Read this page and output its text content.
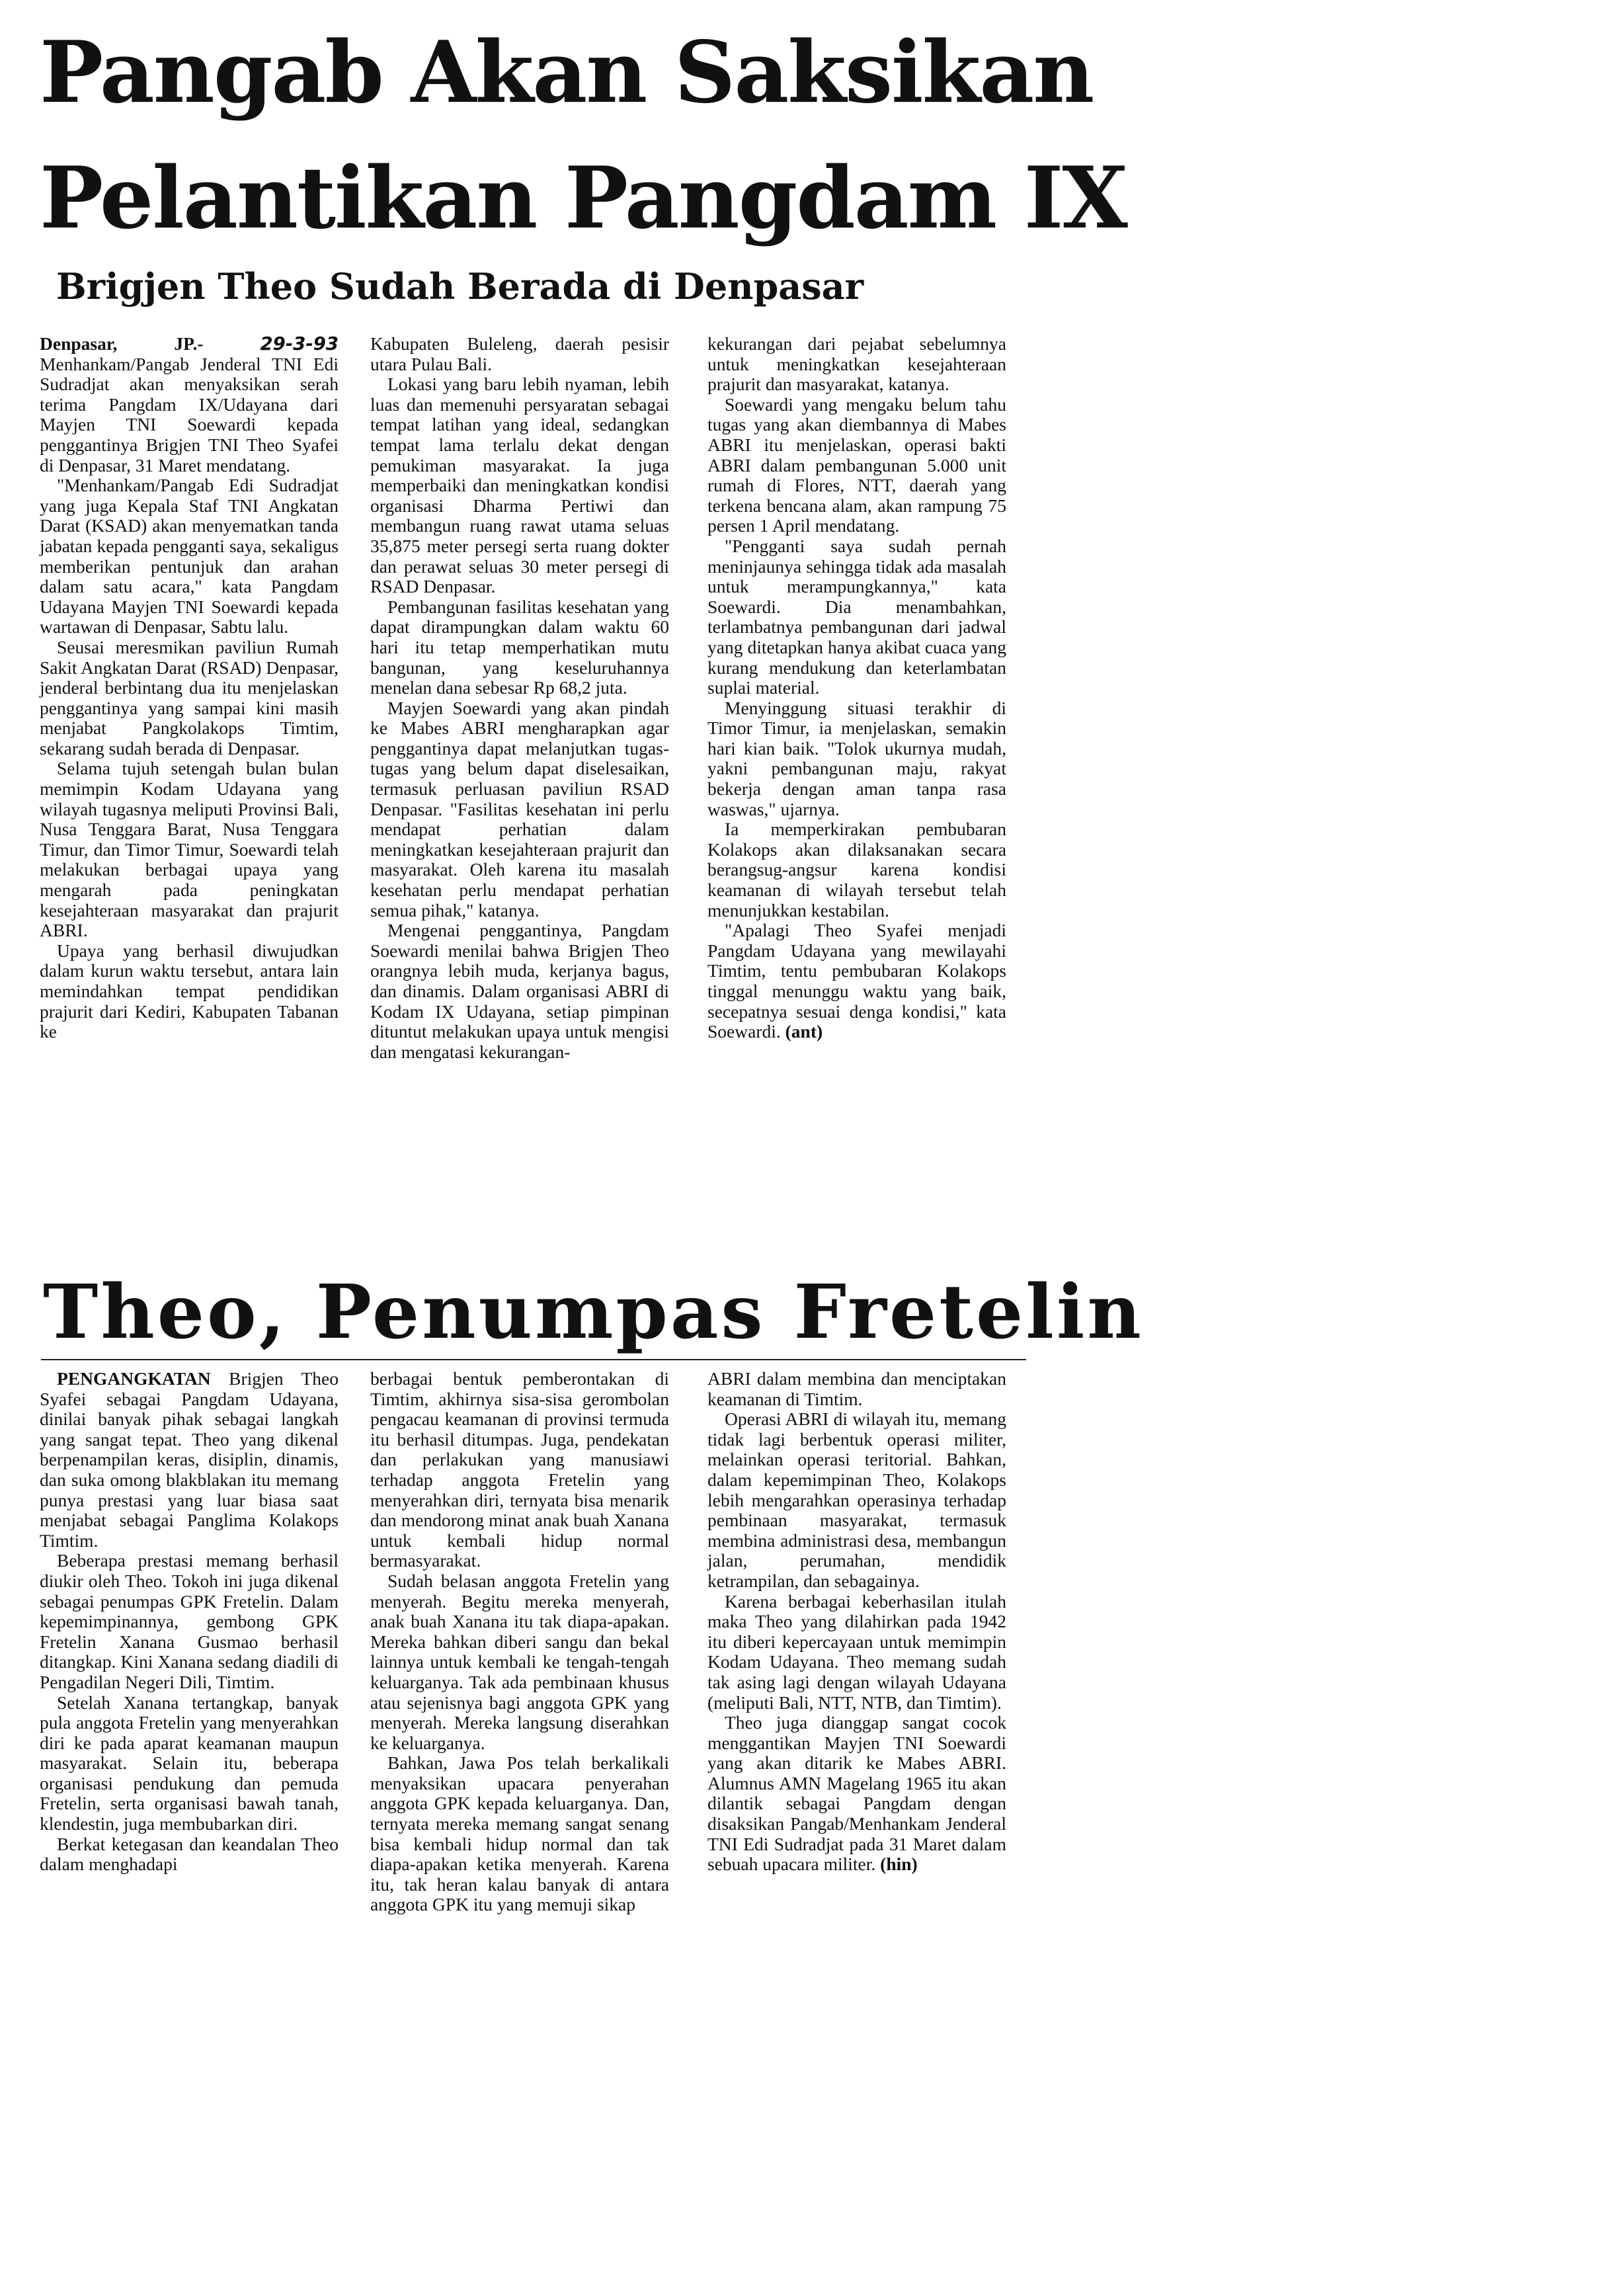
Pangab Akan Saksikan
Pelantikan Pangdam IX
Brigjen Theo Sudah Berada di Denpasar

Denpasar, JP.-	29-3-93 Menhankam/Pangab Jenderal TNI Edi Sudradjat akan menyaksikan serah terima Pangdam IX/Udayana dari Mayjen TNI Soewardi kepada penggantinya Brigjen TNI Theo Syafei di Denpasar, 31 Maret mendatang.

"Menhankam/Pangab Edi Sudradjat yang juga Kepala Staf TNI Angkatan Darat (KSAD) akan menyematkan tanda jabatan kepada pengganti saya, sekaligus memberikan pentunjuk dan arahan dalam satu acara," kata Pangdam Udayana Mayjen TNI Soewardi kepada wartawan di Denpasar, Sabtu lalu.

Seusai meresmikan paviliun Rumah Sakit Angkatan Darat (RSAD) Denpasar, jenderal berbintang dua itu menjelaskan penggantinya yang sampai kini masih menjabat Pangkolakops Timtim, sekarang sudah berada di Denpasar.

Selama tujuh setengah bulan bulan memimpin Kodam Udayana yang wilayah tugasnya meliputi Provinsi Bali, Nusa Tenggara Barat, Nusa Tenggara Timur, dan Timor Timur, Soewardi telah melakukan berbagai upaya yang mengarah pada peningkatan kesejahteraan masyarakat dan prajurit ABRI.

Upaya yang berhasil diwujudkan dalam kurun waktu tersebut, antara lain memindahkan tempat pendidikan prajurit dari Kediri, Kabupaten Tabanan ke

Kabupaten Buleleng, daerah pesisir utara Pulau Bali.

Lokasi yang baru lebih nyaman, lebih luas dan memenuhi persyaratan sebagai tempat latihan yang ideal, sedangkan tempat lama terlalu dekat dengan pemukiman masyarakat. Ia juga memperbaiki dan meningkatkan kondisi organisasi Dharma Pertiwi dan membangun ruang rawat utama seluas 35,875 meter persegi serta ruang dokter dan perawat seluas 30 meter persegi di RSAD Denpasar.

Pembangunan fasilitas kesehatan yang dapat dirampungkan dalam waktu 60 hari itu tetap memperhatikan mutu bangunan, yang keseluruhannya menelan dana sebesar Rp 68,2 juta.

Mayjen Soewardi yang akan pindah ke Mabes ABRI mengharapkan agar penggantinya dapat melanjutkan tugas-tugas yang belum dapat diselesaikan, termasuk perluasan paviliun RSAD Denpasar. "Fasilitas kesehatan ini perlu mendapat perhatian dalam meningkatkan kesejahteraan prajurit dan masyarakat. Oleh karena itu masalah kesehatan perlu mendapat perhatian semua pihak," katanya.

Mengenai penggantinya, Pangdam Soewardi menilai bahwa Brigjen Theo orangnya lebih muda, kerjanya bagus, dan dinamis. Dalam organisasi ABRI di Kodam IX Udayana, setiap pimpinan dituntut melakukan upaya untuk mengisi dan mengatasi kekurangan-

kekurangan dari pejabat sebelumnya untuk meningkatkan kesejahteraan prajurit dan masyarakat, katanya.

Soewardi yang mengaku belum tahu tugas yang akan diembannya di Mabes ABRI itu menjelaskan, operasi bakti ABRI dalam pembangunan 5.000 unit rumah di Flores, NTT, daerah yang terkena bencana alam, akan rampung 75 persen 1 April mendatang.

"Pengganti saya sudah pernah meninjaunya sehingga tidak ada masalah untuk merampungkannya," kata Soewardi. Dia menambahkan, terlambatnya pembangunan dari jadwal yang ditetapkan hanya akibat cuaca yang kurang mendukung dan keterlambatan suplai material.

Menyinggung situasi terakhir di Timor Timur, ia menjelaskan, semakin hari kian baik. "Tolok ukurnya mudah, yakni pembangunan maju, rakyat bekerja dengan aman tanpa rasa waswas," ujarnya.

Ia memperkirakan pembubaran Kolakops akan dilaksanakan secara berangsug-angsur karena kondisi keamanan di wilayah tersebut telah menunjukkan kestabilan.

"Apalagi Theo Syafei menjadi Pangdam Udayana yang mewilayahi Timtim, tentu pembubaran Kolakops tinggal menunggu waktu yang baik, secepatnya sesuai denga kondisi," kata Soewardi. (ant)

Theo, Penumpas Fretelin

PENGANGKATAN Brigjen Theo Syafei sebagai Pangdam Udayana, dinilai banyak pihak sebagai langkah yang sangat tepat. Theo yang dikenal berpenampilan keras, disiplin, dinamis, dan suka omong blakblakan itu memang punya prestasi yang luar biasa saat menjabat sebagai Panglima Kolakops Timtim.

Beberapa prestasi memang berhasil diukir oleh Theo. Tokoh ini juga dikenal sebagai penumpas GPK Fretelin. Dalam kepemimpinannya, gembong GPK Fretelin Xanana Gusmao berhasil ditangkap. Kini Xanana sedang diadili di Pengadilan Negeri Dili, Timtim.

Setelah Xanana tertangkap, banyak pula anggota Fretelin yang menyerahkan diri ke pada aparat keamanan maupun masyarakat. Selain itu, beberapa organisasi pendukung dan pemuda Fretelin, serta organisasi bawah tanah, klendestin, juga membubarkan diri.

Berkat ketegasan dan keandalan Theo dalam menghadapi

berbagai bentuk pemberontakan di Timtim, akhirnya sisa-sisa gerombolan pengacau keamanan di provinsi termuda itu berhasil ditumpas. Juga, pendekatan dan perlakukan yang manusiawi terhadap anggota Fretelin yang menyerahkan diri, ternyata bisa menarik dan mendorong minat anak buah Xanana untuk kembali hidup normal bermasyarakat.

Sudah belasan anggota Fretelin yang menyerah. Begitu mereka menyerah, anak buah Xanana itu tak diapa-apakan. Mereka bahkan diberi sangu dan bekal lainnya untuk kembali ke tengah-tengah keluarganya. Tak ada pembinaan khusus atau sejenisnya bagi anggota GPK yang menyerah. Mereka langsung diserahkan ke keluarganya.

Bahkan, Jawa Pos telah berkalikali menyaksikan upacara penyerahan anggota GPK kepada keluarganya. Dan, ternyata mereka memang sangat senang bisa kembali hidup normal dan tak diapa-apakan ketika menyerah. Karena itu, tak heran kalau banyak di antara anggota GPK itu yang memuji sikap

ABRI dalam membina dan menciptakan keamanan di Timtim.

Operasi ABRI di wilayah itu, memang tidak lagi berbentuk operasi militer, melainkan operasi teritorial. Bahkan, dalam kepemimpinan Theo, Kolakops lebih mengarahkan operasinya terhadap pembinaan masyarakat, termasuk membina administrasi desa, membangun jalan, perumahan, mendidik ketrampilan, dan sebagainya.

Karena berbagai keberhasilan itulah maka Theo yang dilahirkan pada 1942 itu diberi kepercayaan untuk memimpin Kodam Udayana. Theo memang sudah tak asing lagi dengan wilayah Udayana (meliputi Bali, NTT, NTB, dan Timtim).

Theo juga dianggap sangat cocok menggantikan Mayjen TNI Soewardi yang akan ditarik ke Mabes ABRI. Alumnus AMN Magelang 1965 itu akan dilantik sebagai Pangdam dengan disaksikan Pangab/Menhankam Jenderal TNI Edi Sudradjat pada 31 Maret dalam sebuah upacara militer. (hin)
